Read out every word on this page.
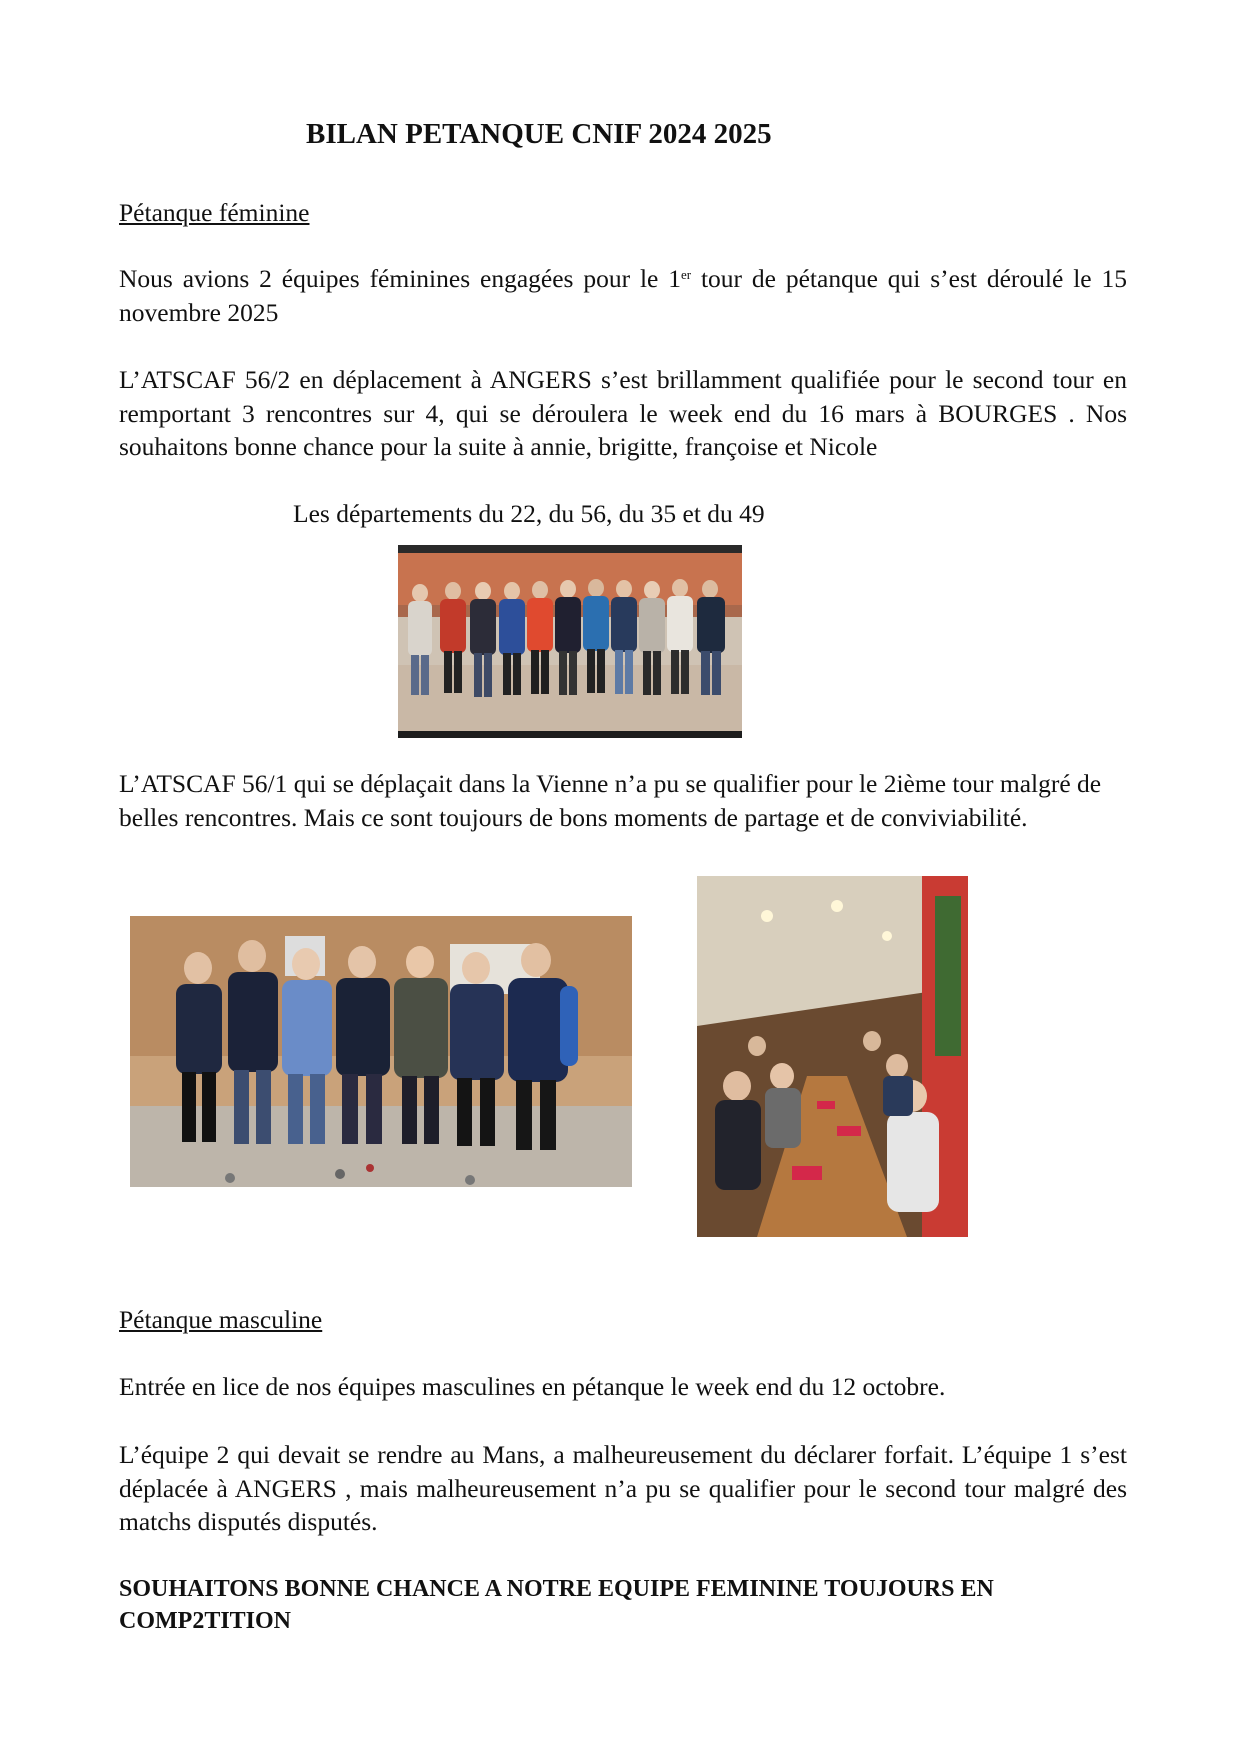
BILAN PETANQUE CNIF 2024 2025

Pétanque féminine

Nous avions 2 équipes féminines engagées pour le 1er tour de pétanque qui s’est déroulé le 15 novembre 2025

L’ATSCAF 56/2 en déplacement à ANGERS s’est brillamment qualifiée pour le second tour en remportant 3 rencontres sur 4, qui se déroulera le week end du 16 mars à BOURGES . Nos souhaitons bonne chance pour la suite à annie, brigitte, françoise et Nicole

Les départements du 22, du 56, du 35 et du 49

L’ATSCAF 56/1 qui se déplaçait dans la Vienne n’a pu se qualifier pour le 2ième tour malgré de belles rencontres. Mais ce sont toujours de bons moments de partage et de conviviabilité.

Pétanque masculine

Entrée en lice de nos équipes masculines en pétanque le week end du 12 octobre.

L’équipe 2 qui devait se rendre au Mans, a malheureusement du déclarer forfait. L’équipe 1 s’est déplacée à ANGERS , mais malheureusement n’a pu se qualifier pour le second tour malgré des matchs disputés disputés.

SOUHAITONS BONNE CHANCE A NOTRE EQUIPE FEMININE TOUJOURS EN COMP2TITION
